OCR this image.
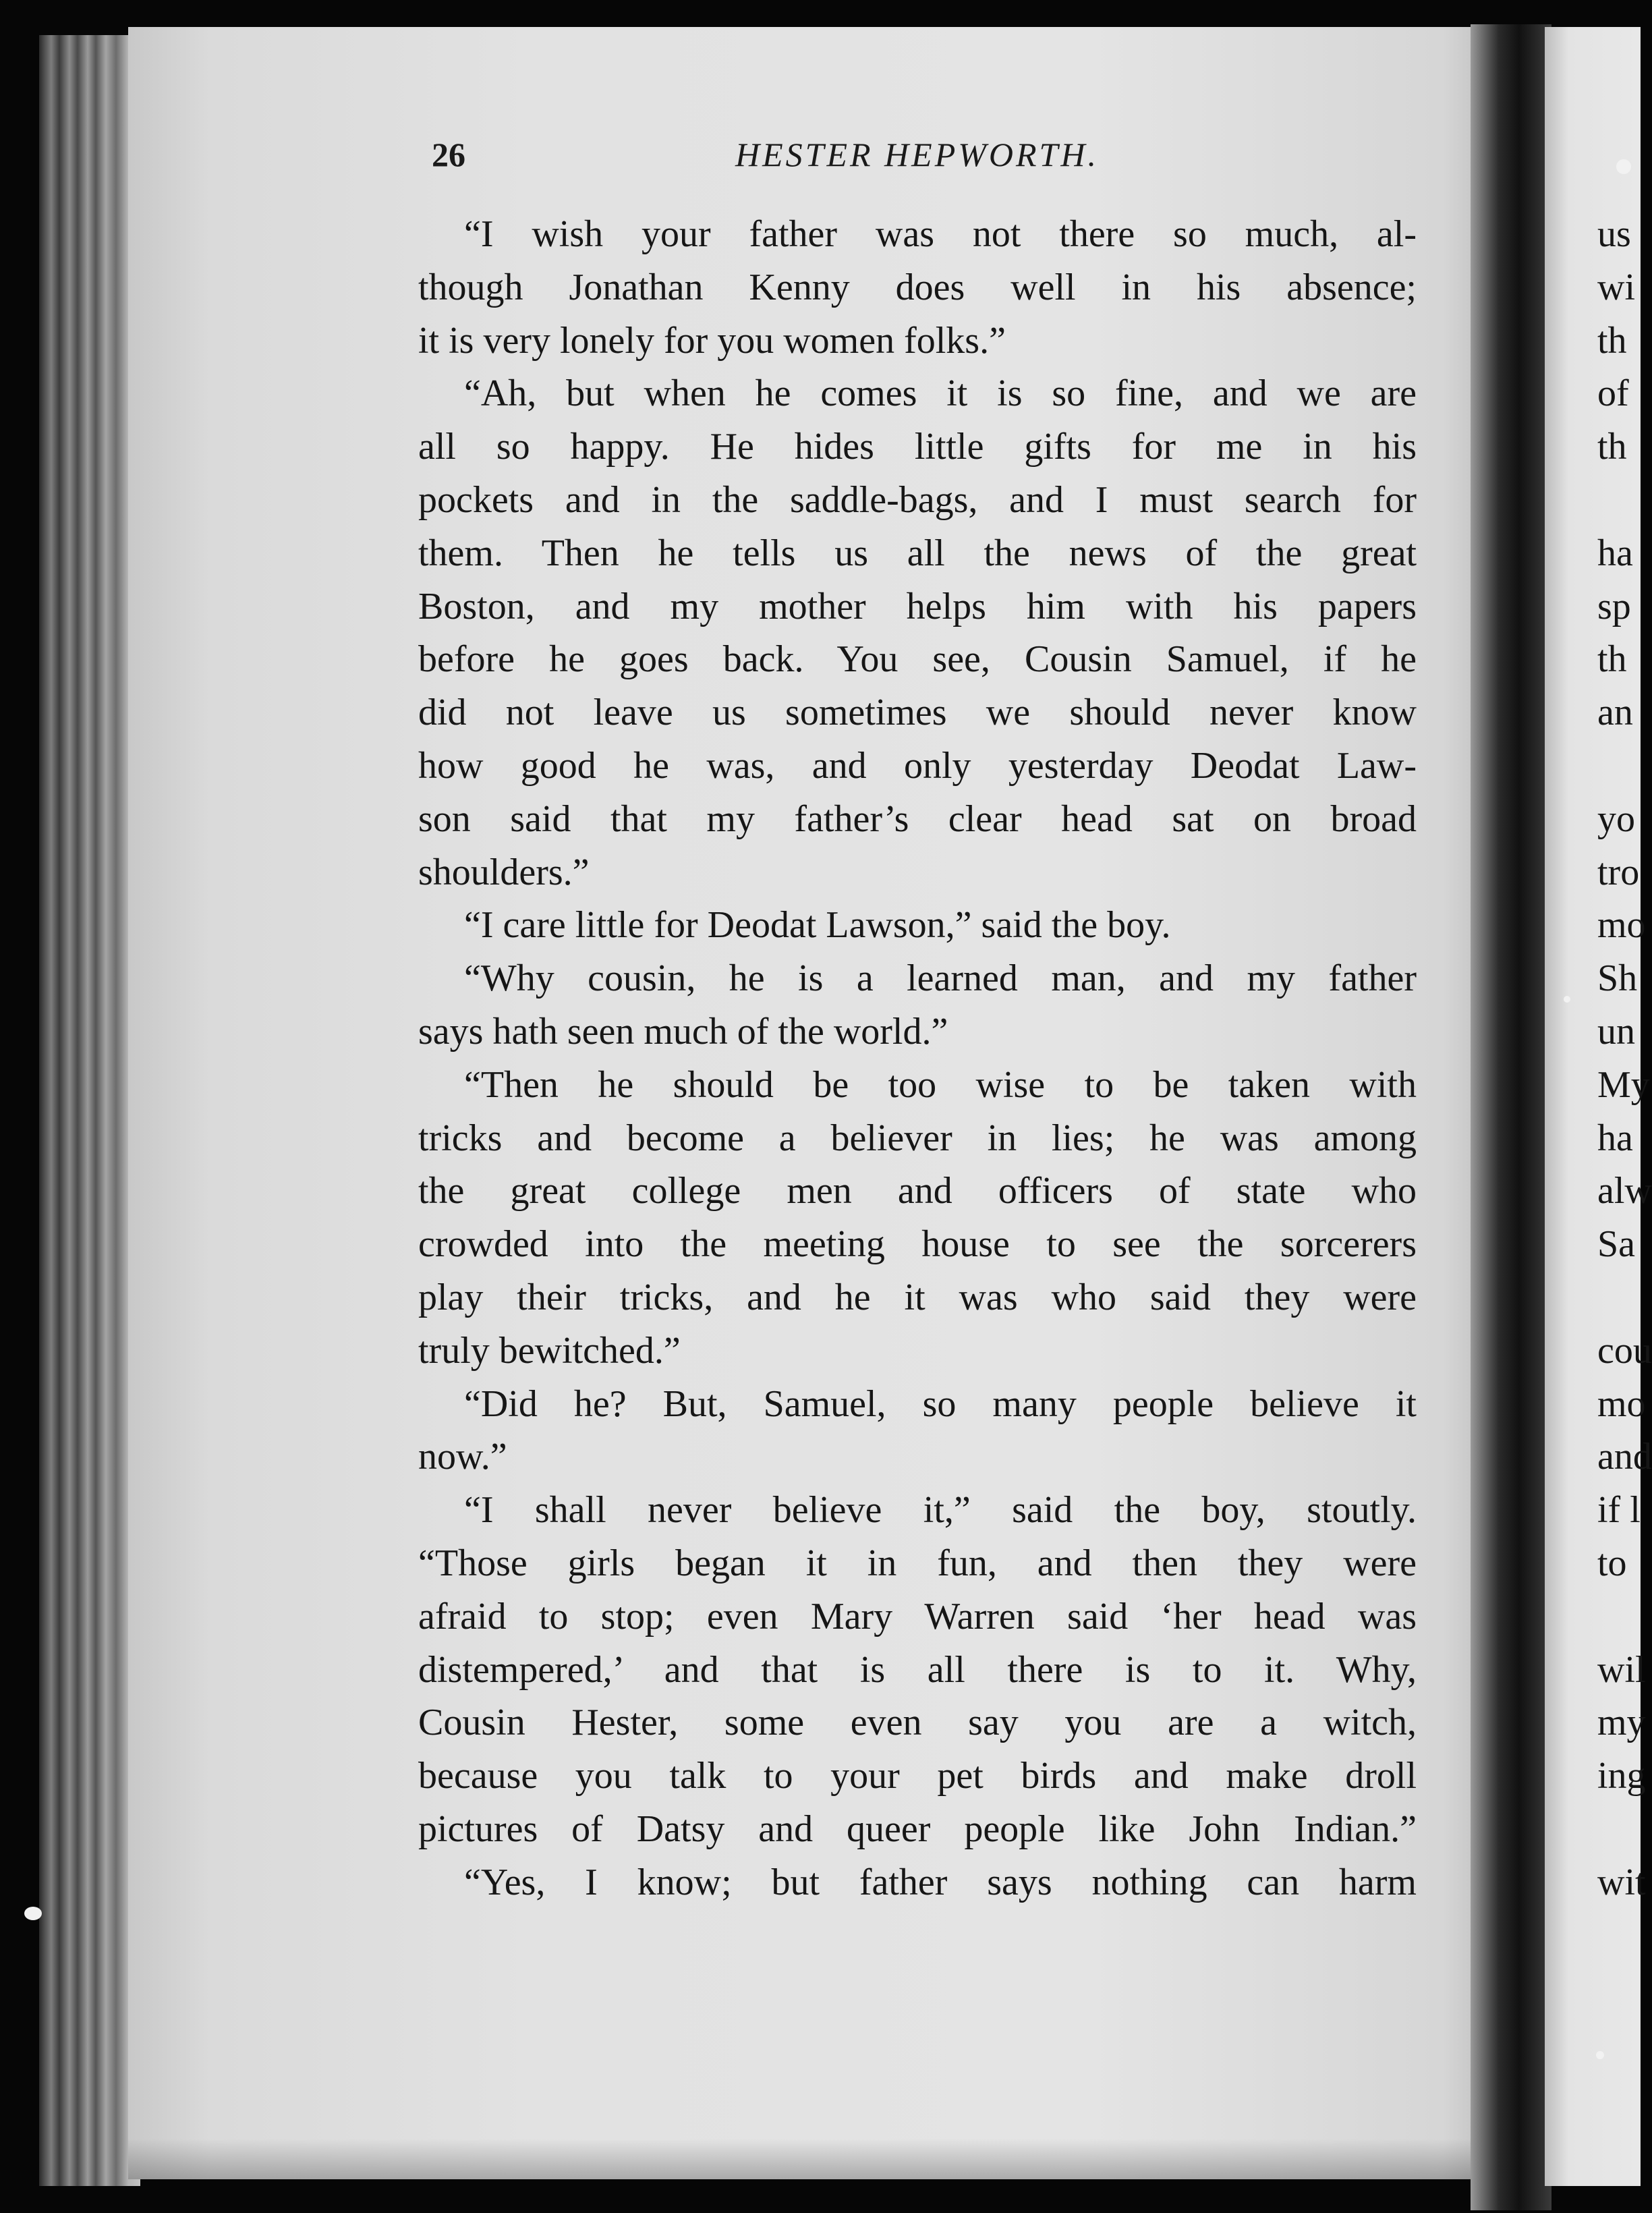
26	HESTER HEPWORTH.
“I wish your father was not there so much, al-
though Jonathan Kenny does well in his absence;
it is very lonely for you women folks.”
“Ah, but when he comes it is so fine, and we are
all so happy. He hides little gifts for me in his
pockets and in the saddle-bags, and I must search for
them. Then he tells us all the news of the great
Boston, and my mother helps him with his papers
before he goes back. You see, Cousin Samuel, if he
did not leave us sometimes we should never know
how good he was, and only yesterday Deodat Law-
son said that my father’s clear head sat on broad
shoulders.”
“I care little for Deodat Lawson,” said the boy.
“Why cousin, he is a learned man, and my father
says hath seen much of the world.”
“Then he should be too wise to be taken with
tricks and become a believer in lies; he was among
the great college men and officers of state who
crowded into the meeting house to see the sorcerers
play their tricks, and he it was who said they were
truly bewitched.”
“Did he? But, Samuel, so many people believe it
now.”
“I shall never believe it,” said the boy, stoutly.
“Those girls began it in fun, and then they were
afraid to stop; even Mary Warren said ‘her head was
distempered,’ and that is all there is to it. Why,
Cousin Hester, some even say you are a witch,
because you talk to your pet birds and make droll
pictures of Datsy and queer people like John Indian.”
“Yes, I know; but father says nothing can harm
us
wi
th
of
th
ha
sp
th
an
yo
tro
mo
Sh
un
My
ha
alw
Sa
cou
mo
and
if l
to
wil
my
ing
wit
